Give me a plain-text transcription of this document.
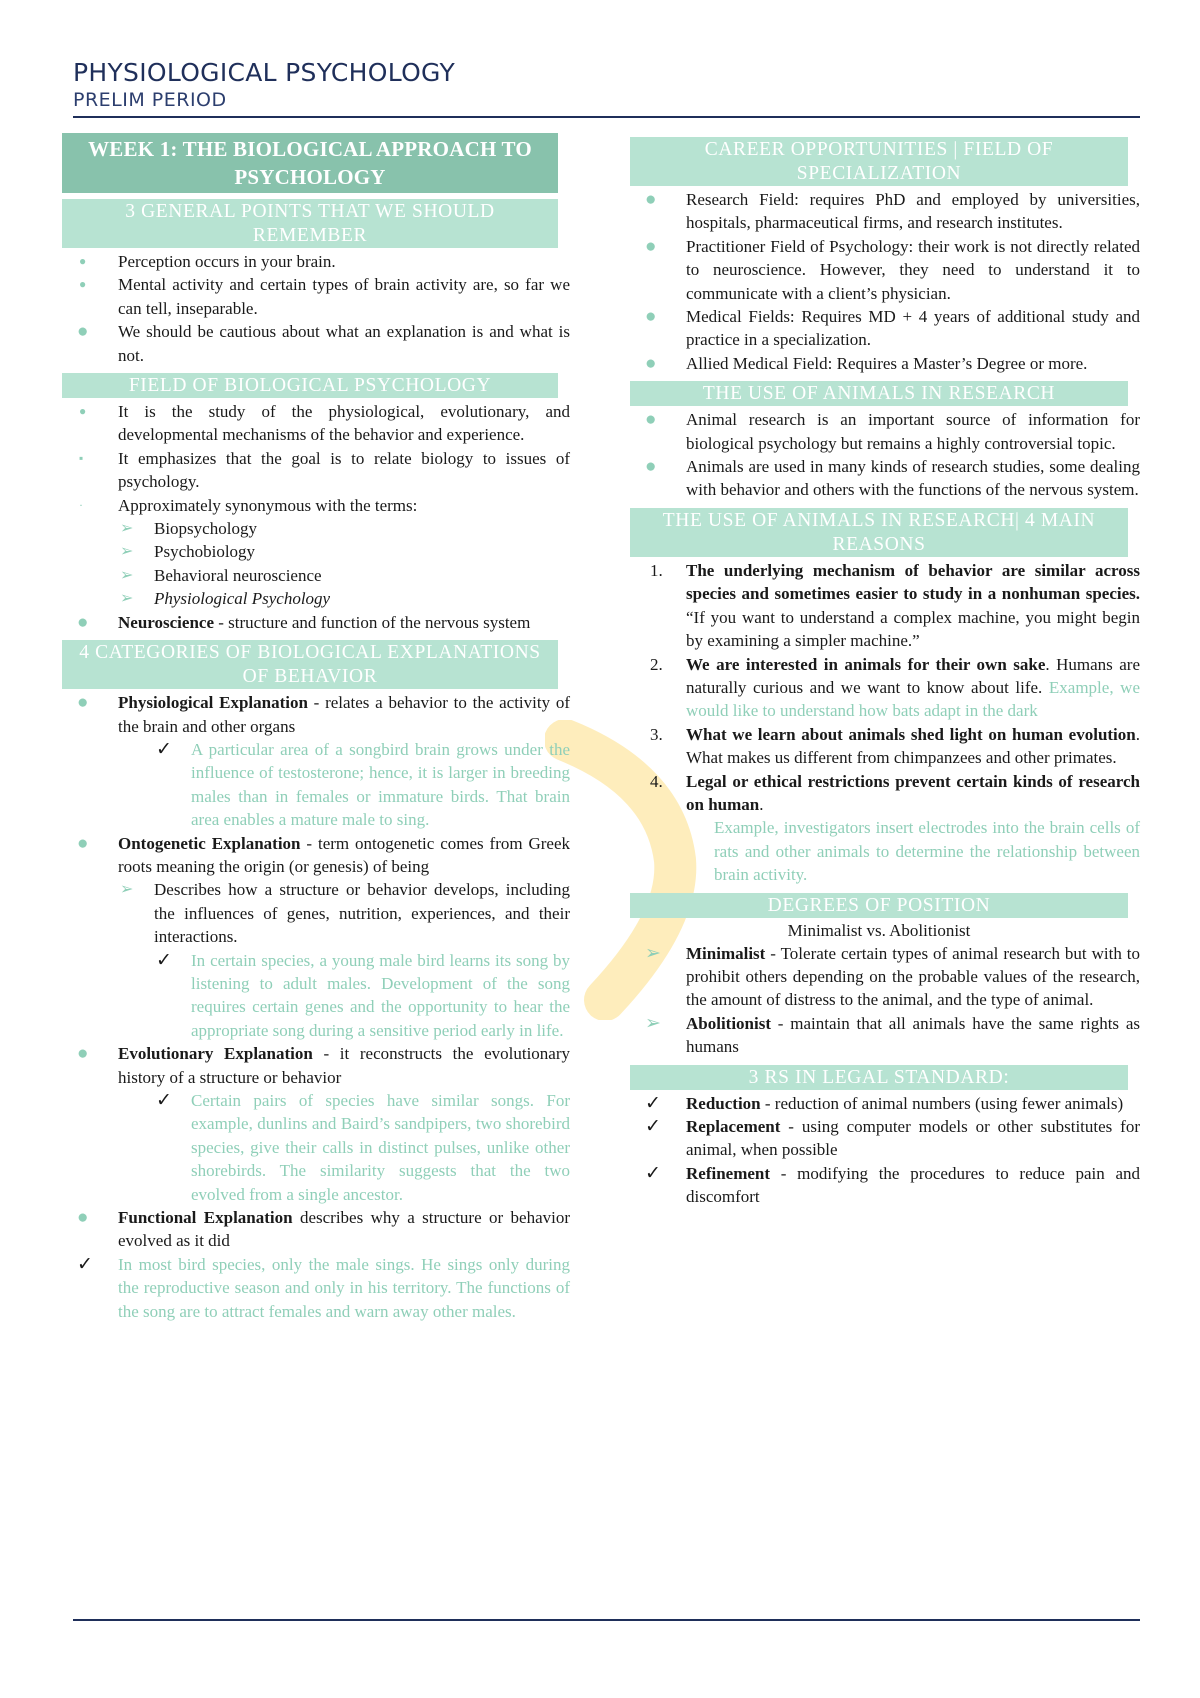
PHYSIOLOGICAL PSYCHOLOGY
PRELIM PERIOD
WEEK 1: THE BIOLOGICAL APPROACH TO PSYCHOLOGY
3 GENERAL POINTS THAT WE SHOULD REMEMBER
● Perception occurs in your brain.
● Mental activity and certain types of brain activity are, so far we can tell, inseparable.
● We should be cautious about what an explanation is and what is not.
FIELD OF BIOLOGICAL PSYCHOLOGY
● It is the study of the physiological, evolutionary, and developmental mechanisms of the behavior and experience.
▪ It emphasizes that the goal is to relate biology to issues of psychology.
· Approximately synonymous with the terms:
➢ Biopsychology
➢ Psychobiology
➢ Behavioral neuroscience
➢ Physiological Psychology
● Neuroscience - structure and function of the nervous system
4 CATEGORIES OF BIOLOGICAL EXPLANATIONS OF BEHAVIOR
● Physiological Explanation - relates a behavior to the activity of the brain and other organs
✓ A particular area of a songbird brain grows under the influence of testosterone; hence, it is larger in breeding males than in females or immature birds. That brain area enables a mature male to sing.
● Ontogenetic Explanation - term ontogenetic comes from Greek roots meaning the origin (or genesis) of being
➢ Describes how a structure or behavior develops, including the influences of genes, nutrition, experiences, and their interactions.
✓ In certain species, a young male bird learns its song by listening to adult males. Development of the song requires certain genes and the opportunity to hear the appropriate song during a sensitive period early in life.
● Evolutionary Explanation - it reconstructs the evolutionary history of a structure or behavior
✓ Certain pairs of species have similar songs. For example, dunlins and Baird’s sandpipers, two shorebird species, give their calls in distinct pulses, unlike other shorebirds. The similarity suggests that the two evolved from a single ancestor.
● Functional Explanation describes why a structure or behavior evolved as it did
✓ In most bird species, only the male sings. He sings only during the reproductive season and only in his territory. The functions of the song are to attract females and warn away other males.
CAREER OPPORTUNITIES | FIELD OF SPECIALIZATION
● Research Field: requires PhD and employed by universities, hospitals, pharmaceutical firms, and research institutes.
● Practitioner Field of Psychology: their work is not directly related to neuroscience. However, they need to understand it to communicate with a client’s physician.
● Medical Fields: Requires MD + 4 years of additional study and practice in a specialization.
● Allied Medical Field: Requires a Master’s Degree or more.
THE USE OF ANIMALS IN RESEARCH
● Animal research is an important source of information for biological psychology but remains a highly controversial topic.
● Animals are used in many kinds of research studies, some dealing with behavior and others with the functions of the nervous system.
THE USE OF ANIMALS IN RESEARCH| 4 MAIN REASONS
1. The underlying mechanism of behavior are similar across species and sometimes easier to study in a nonhuman species. “If you want to understand a complex machine, you might begin by examining a simpler machine.”
2. We are interested in animals for their own sake. Humans are naturally curious and we want to know about life. Example, we would like to understand how bats adapt in the dark
3. What we learn about animals shed light on human evolution. What makes us different from chimpanzees and other primates.
4. Legal or ethical restrictions prevent certain kinds of research on human.
Example, investigators insert electrodes into the brain cells of rats and other animals to determine the relationship between brain activity.
DEGREES OF POSITION
Minimalist vs. Abolitionist
➢ Minimalist - Tolerate certain types of animal research but with to prohibit others depending on the probable values of the research, the amount of distress to the animal, and the type of animal.
➢ Abolitionist - maintain that all animals have the same rights as humans
3 RS IN LEGAL STANDARD:
✓ Reduction - reduction of animal numbers (using fewer animals)
✓ Replacement - using computer models or other substitutes for animal, when possible
✓ Refinement - modifying the procedures to reduce pain and discomfort
